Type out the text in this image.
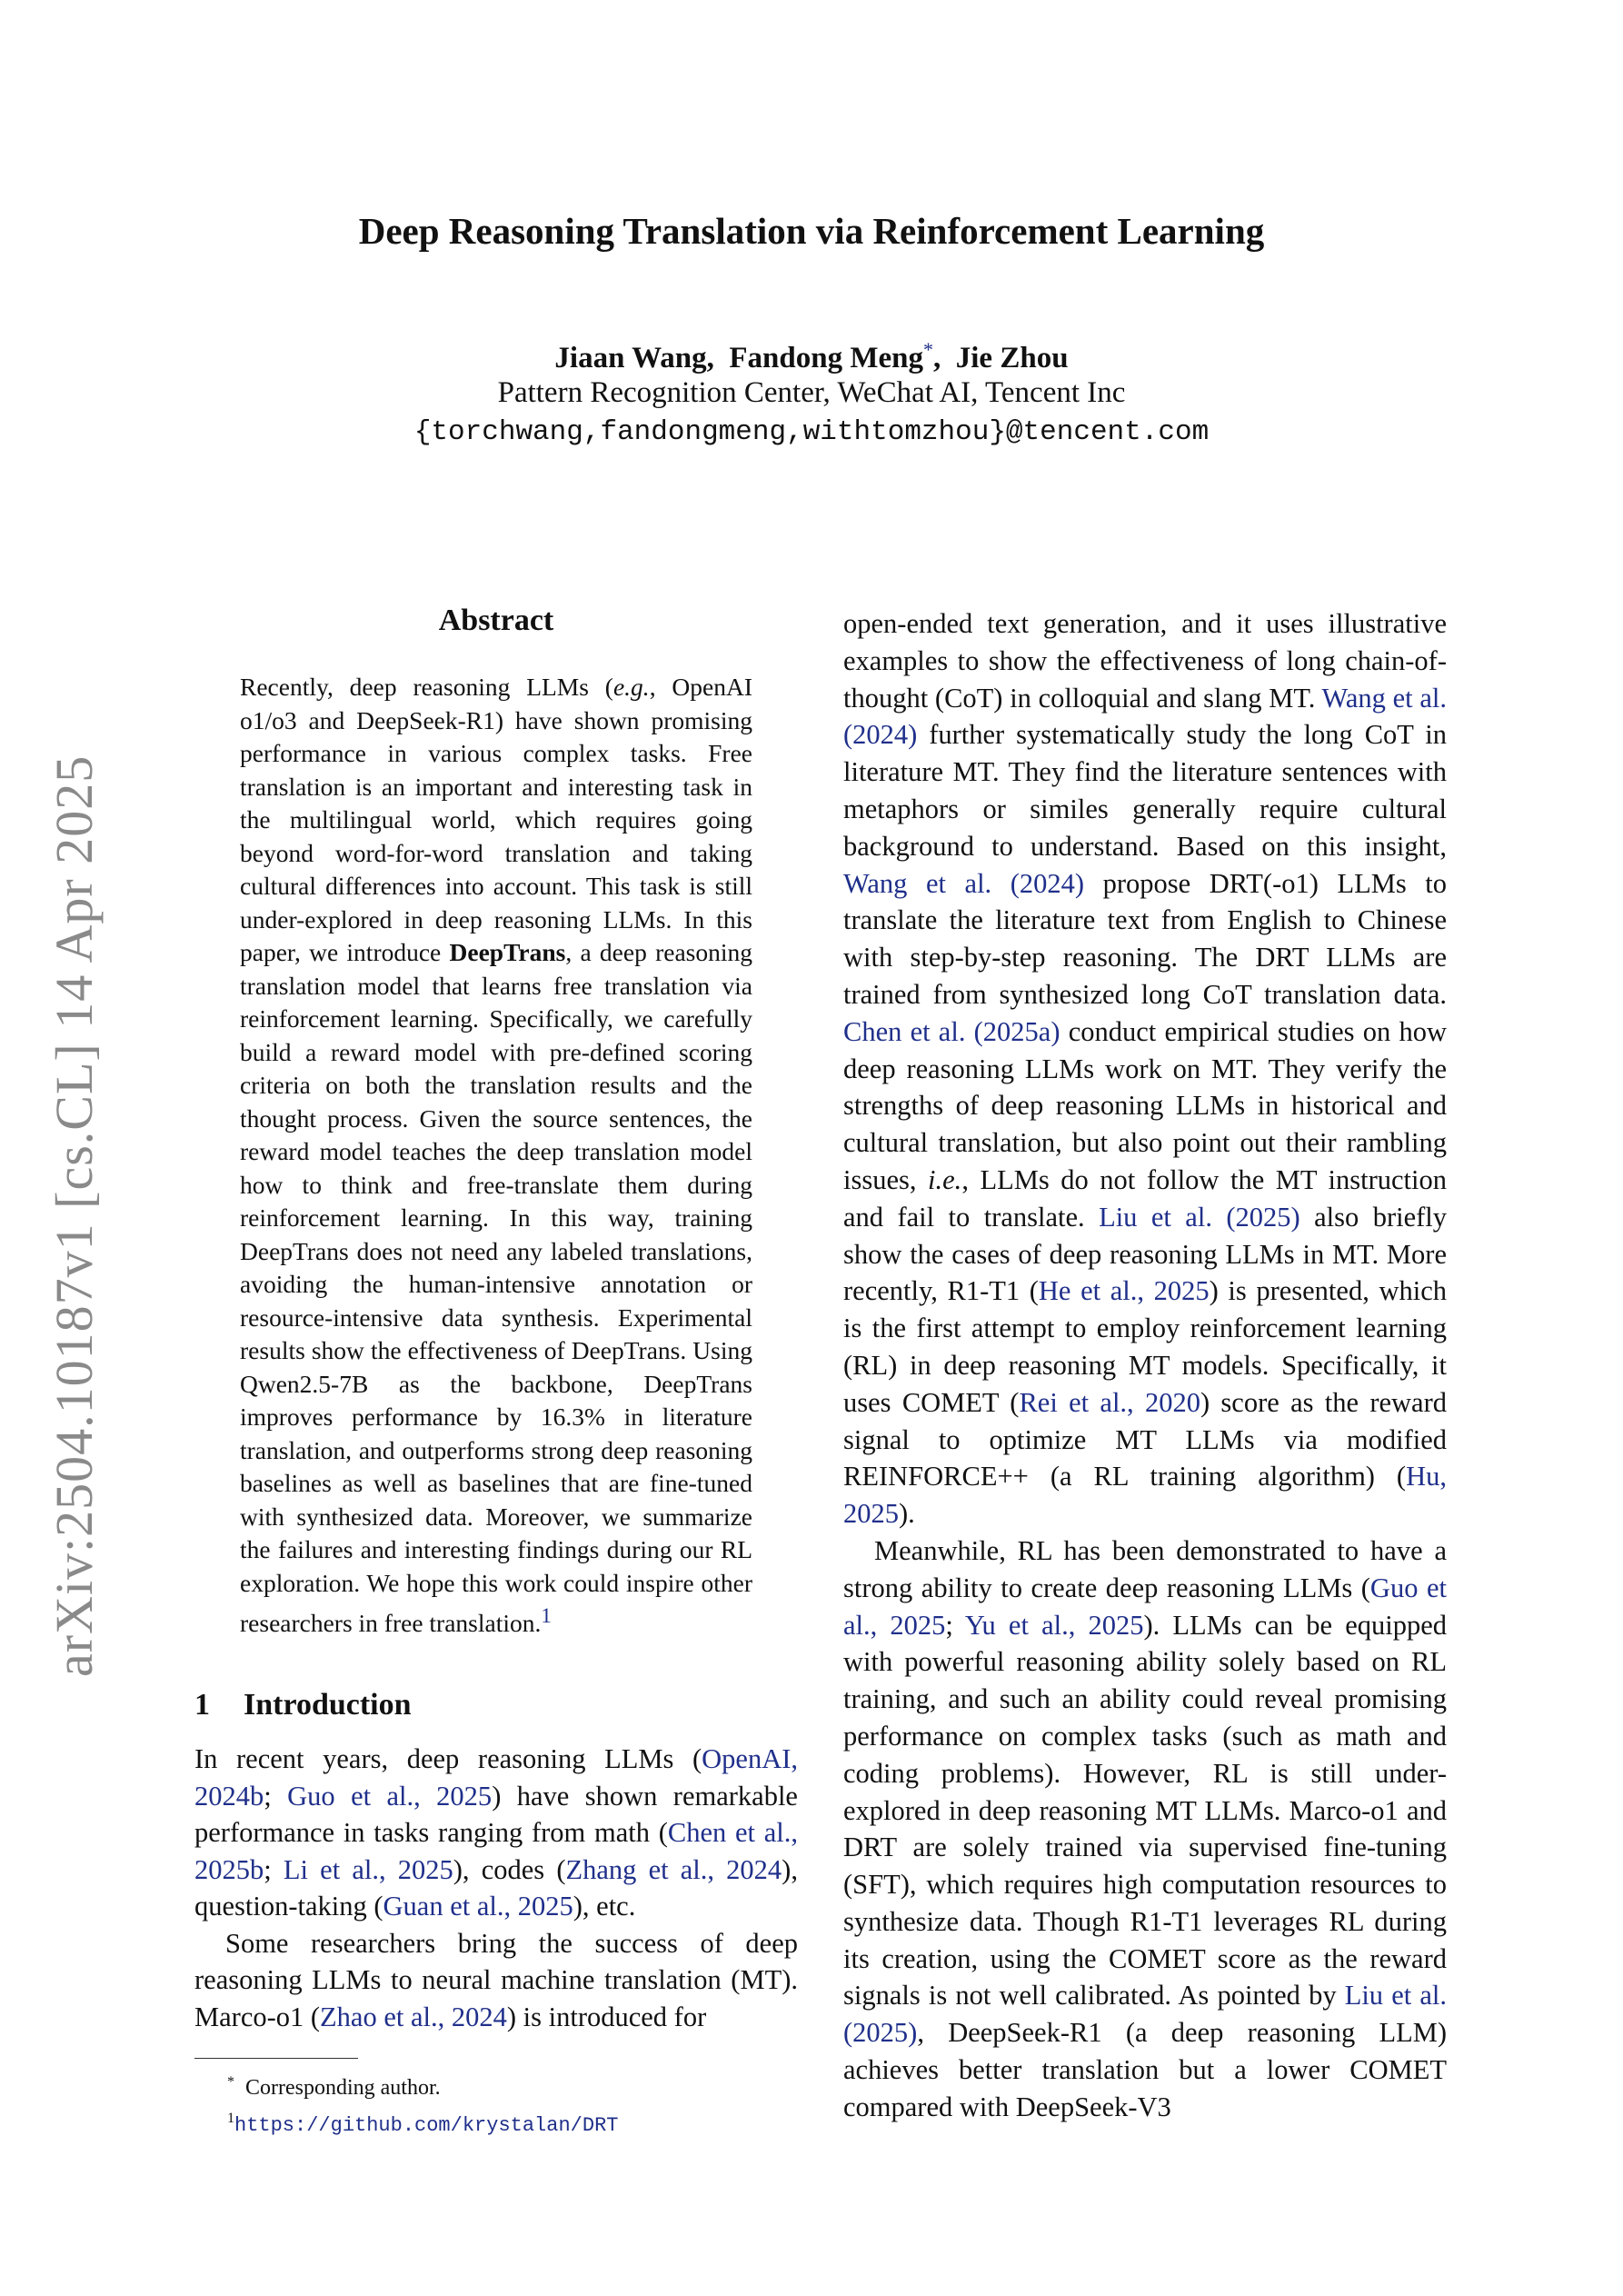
arXiv:2504.10187v1 [cs.CL] 14 Apr 2025
Deep Reasoning Translation via Reinforcement Learning
Jiaan Wang,  Fandong Meng*,  Jie Zhou
Pattern Recognition Center, WeChat AI, Tencent Inc
{torchwang,fandongmeng,withtomzhou}@tencent.com
Abstract
Recently, deep reasoning LLMs (e.g., OpenAI o1/o3 and DeepSeek-R1) have shown promising performance in various complex tasks. Free translation is an important and interesting task in the multilingual world, which requires going beyond word-for-word translation and taking cultural differences into account. This task is still under-explored in deep reasoning LLMs. In this paper, we introduce DeepTrans, a deep reasoning translation model that learns free translation via reinforcement learning. Specifically, we carefully build a reward model with pre-defined scoring criteria on both the translation results and the thought process. Given the source sentences, the reward model teaches the deep translation model how to think and free-translate them during reinforcement learning. In this way, training DeepTrans does not need any labeled translations, avoiding the human-intensive annotation or resource-intensive data synthesis. Experimental results show the effectiveness of DeepTrans. Using Qwen2.5-7B as the backbone, DeepTrans improves performance by 16.3% in literature translation, and outperforms strong deep reasoning baselines as well as baselines that are fine-tuned with synthesized data. Moreover, we summarize the failures and interesting findings during our RL exploration. We hope this work could inspire other researchers in free translation.$^1$
1 Introduction

In recent years, deep reasoning LLMs (OpenAI, 2024b; Guo et al., 2025) have shown remarkable performance in tasks ranging from math (Chen et al., 2025b; Li et al., 2025), codes (Zhang et al., 2024), question-taking (Guan et al., 2025), etc.

Some researchers bring the success of deep reasoning LLMs to neural machine translation (MT). Marco-o1 (Zhao et al., 2024) is introduced for

open-ended text generation, and it uses illustrative examples to show the effectiveness of long chain-of-thought (CoT) in colloquial and slang MT. Wang et al. (2024) further systematically study the long CoT in literature MT. They find the literature sentences with metaphors or similes generally require cultural background to understand. Based on this insight, Wang et al. (2024) propose DRT(-o1) LLMs to translate the literature text from English to Chinese with step-by-step reasoning. The DRT LLMs are trained from synthesized long CoT translation data. Chen et al. (2025a) conduct empirical studies on how deep reasoning LLMs work on MT. They verify the strengths of deep reasoning LLMs in historical and cultural translation, but also point out their rambling issues, i.e., LLMs do not follow the MT instruction and fail to translate. Liu et al. (2025) also briefly show the cases of deep reasoning LLMs in MT. More recently, R1-T1 (He et al., 2025) is presented, which is the first attempt to employ reinforcement learning (RL) in deep reasoning MT models. Specifically, it uses COMET (Rei et al., 2020) score as the reward signal to optimize MT LLMs via modified REINFORCE++ (a RL training algorithm) (Hu, 2025).

Meanwhile, RL has been demonstrated to have a strong ability to create deep reasoning LLMs (Guo et al., 2025; Yu et al., 2025). LLMs can be equipped with powerful reasoning ability solely based on RL training, and such an ability could reveal promising performance on complex tasks (such as math and coding problems). However, RL is still under-explored in deep reasoning MT LLMs. Marco-o1 and DRT are solely trained via supervised fine-tuning (SFT), which requires high computation resources to synthesize data. Though R1-T1 leverages RL during its creation, using the COMET score as the reward signals is not well calibrated. As pointed by Liu et al. (2025), DeepSeek-R1 (a deep reasoning LLM) achieves better translation but a lower COMET compared with DeepSeek-V3

* Corresponding author.
$^1$https://github.com/krystalan/DRT
